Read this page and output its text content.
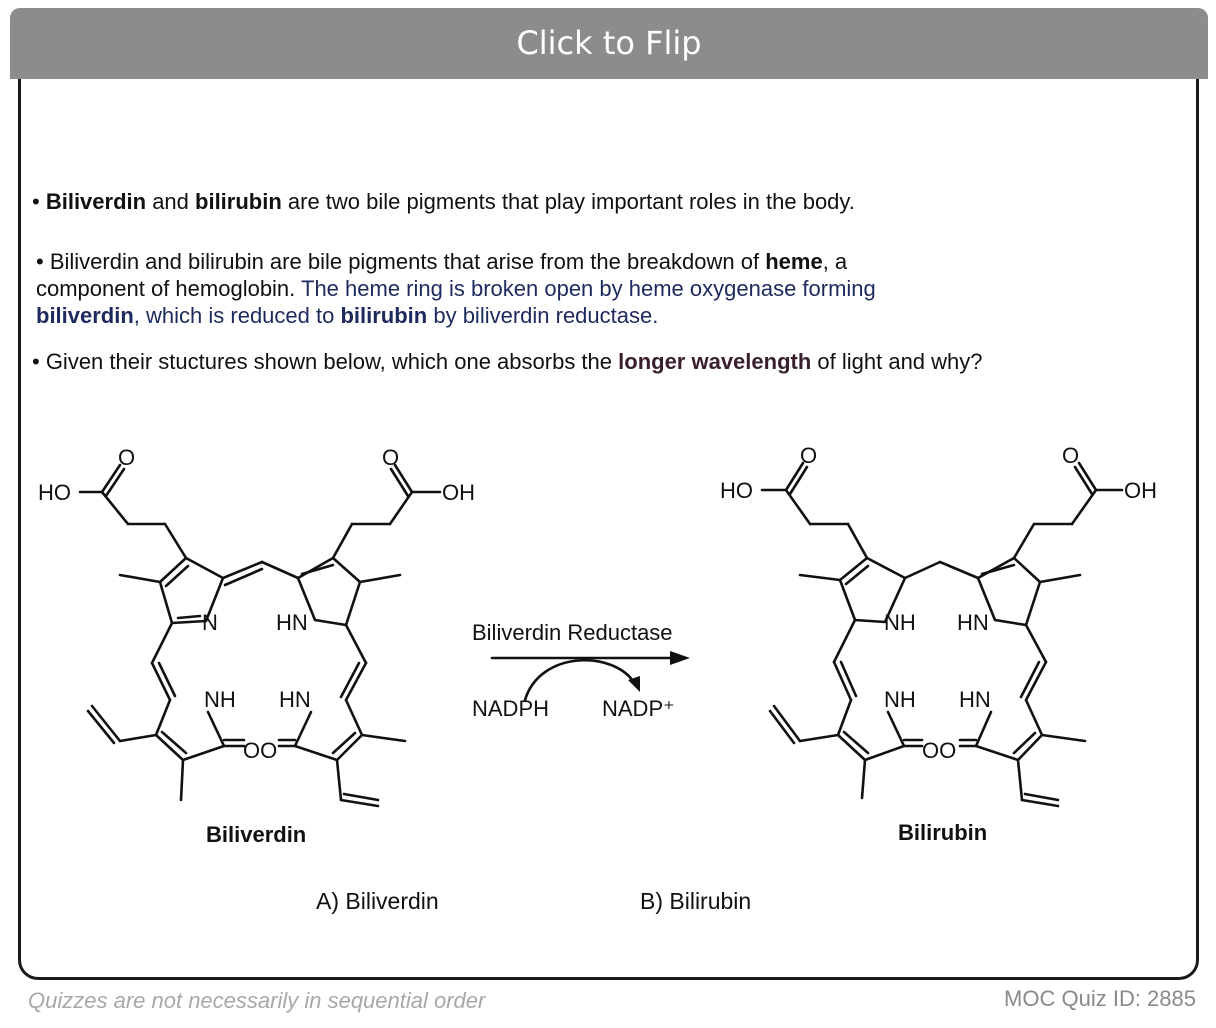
Click to Flip
• Biliverdin and bilirubin are two bile pigments that play important roles in the body.
• Biliverdin and bilirubin are bile pigments that arise from the breakdown of heme, a
component of hemoglobin. The heme ring is broken open by heme oxygenase forming
biliverdin, which is reduced to bilirubin by biliverdin reductase.
• Given their stuctures shown below, which one absorbs the longer wavelength of light and why?
O
HO
O
OH
N	HN
NH HN
OO
O
HO
O
OH
NH HN
NH HN
OO
Biliverdin Reductase
NADPH NADP⁺
Biliverdin	Bilirubin
A) Biliverdin	B) Bilirubin
Quizzes are not necessarily in sequential order	MOC Quiz ID: 2885
